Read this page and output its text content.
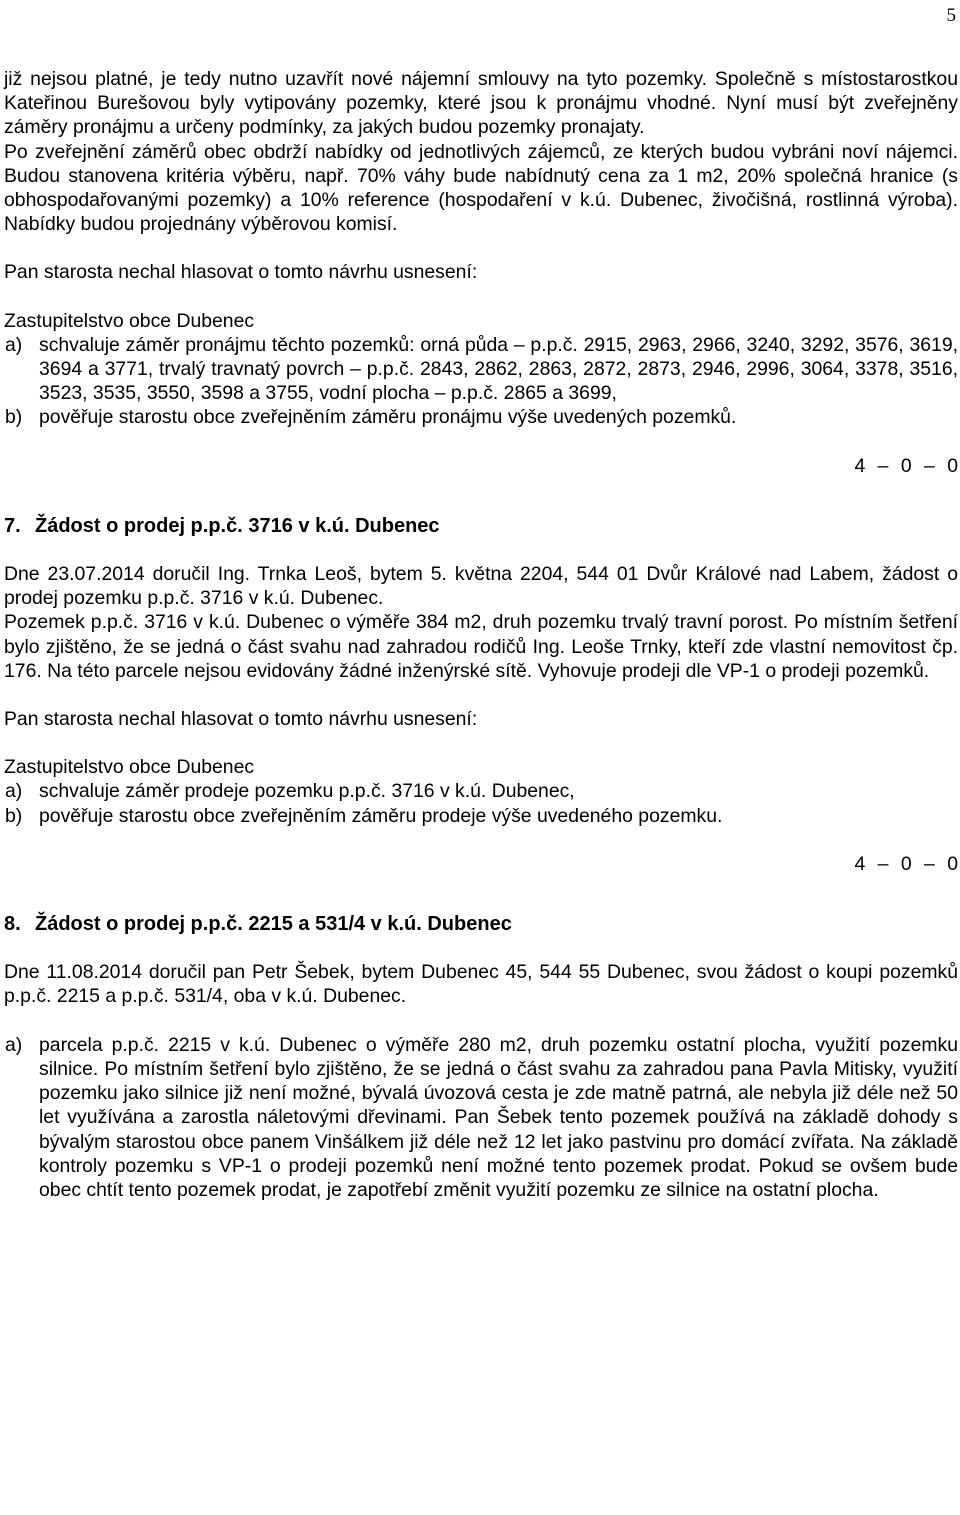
5

již nejsou platné, je tedy nutno uzavřít nové nájemní smlouvy na tyto pozemky. Společně s místostarostkou Kateřinou Burešovou byly vytipovány pozemky, které jsou k pronájmu vhodné. Nyní musí být zveřejněny záměry pronájmu a určeny podmínky, za jakých budou pozemky pronajaty.

Po zveřejnění záměrů obec obdrží nabídky od jednotlivých zájemců, ze kterých budou vybráni noví nájemci. Budou stanovena kritéria výběru, např. 70% váhy bude nabídnutý cena za 1 m2, 20% společná hranice (s obhospodařovanými pozemky) a 10% reference (hospodaření v k.ú. Dubenec, živočišná, rostlinná výroba). Nabídky budou projednány výběrovou komisí.

Pan starosta nechal hlasovat o tomto návrhu usnesení:

Zastupitelstvo obce Dubenec

a) schvaluje záměr pronájmu těchto pozemků: orná půda – p.p.č. 2915, 2963, 2966, 3240, 3292, 3576, 3619, 3694 a 3771, trvalý travnatý povrch – p.p.č. 2843, 2862, 2863, 2872, 2873, 2946, 2996, 3064, 3378, 3516, 3523, 3535, 3550, 3598 a 3755, vodní plocha – p.p.č. 2865 a 3699,
b) pověřuje starostu obce zveřejněním záměru pronájmu výše uvedených pozemků.

4 – 0 – 0

7. Žádost o prodej p.p.č. 3716 v k.ú. Dubenec

Dne 23.07.2014 doručil Ing. Trnka Leoš, bytem 5. května 2204, 544 01 Dvůr Králové nad Labem, žádost o prodej pozemku p.p.č. 3716 v k.ú. Dubenec.

Pozemek p.p.č. 3716 v k.ú. Dubenec o výměře 384 m2, druh pozemku trvalý travní porost. Po místním šetření bylo zjištěno, že se jedná o část svahu nad zahradou rodičů Ing. Leoše Trnky, kteří zde vlastní nemovitost čp. 176. Na této parcele nejsou evidovány žádné inženýrské sítě. Vyhovuje prodeji dle VP-1 o prodeji pozemků.

Pan starosta nechal hlasovat o tomto návrhu usnesení:

Zastupitelstvo obce Dubenec

a) schvaluje záměr prodeje pozemku p.p.č. 3716 v k.ú. Dubenec,
b) pověřuje starostu obce zveřejněním záměru prodeje výše uvedeného pozemku.

4 – 0 – 0

8. Žádost o prodej p.p.č. 2215 a 531/4 v k.ú. Dubenec

Dne 11.08.2014 doručil pan Petr Šebek, bytem Dubenec 45, 544 55 Dubenec, svou žádost o koupi pozemků p.p.č. 2215 a p.p.č. 531/4, oba v k.ú. Dubenec.

a) parcela p.p.č. 2215 v k.ú. Dubenec o výměře 280 m2, druh pozemku ostatní plocha, využití pozemku silnice. Po místním šetření bylo zjištěno, že se jedná o část svahu za zahradou pana Pavla Mitisky, využití pozemku jako silnice již není možné, bývalá úvozová cesta je zde matně patrná, ale nebyla již déle než 50 let využívána a zarostla náletovými dřevinami. Pan Šebek tento pozemek používá na základě dohody s bývalým starostou obce panem Vinšálkem již déle než 12 let jako pastvinu pro domácí zvířata. Na základě kontroly pozemku s VP-1 o prodeji pozemků není možné tento pozemek prodat. Pokud se ovšem bude obec chtít tento pozemek prodat, je zapotřebí změnit využití pozemku ze silnice na ostatní plocha.
